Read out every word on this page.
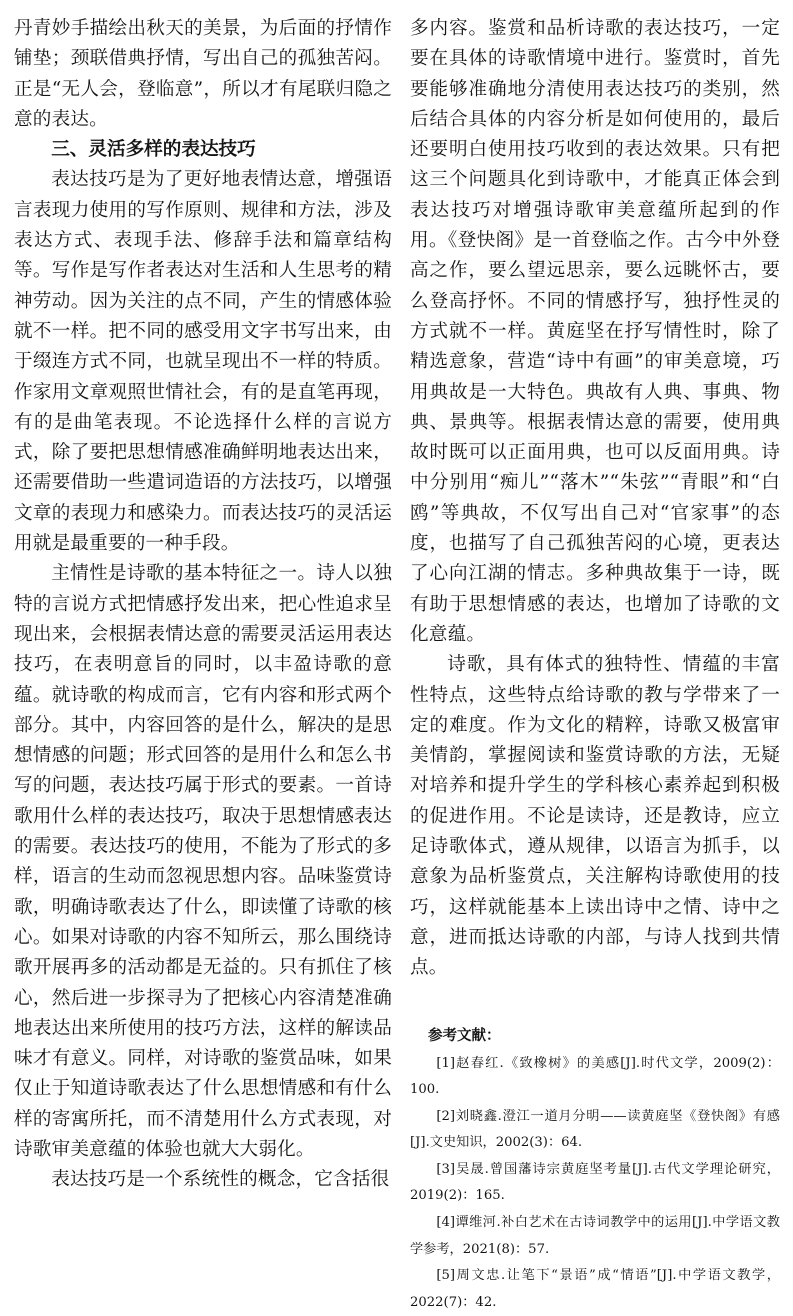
丹青妙手描绘出秋天的美景，为后面的抒情作铺垫；颈联借典抒情，写出自己的孤独苦闷。正是“无人会，登临意”，所以才有尾联归隐之意的表达。

三、灵活多样的表达技巧

表达技巧是为了更好地表情达意，增强语言表现力使用的写作原则、规律和方法，涉及表达方式、表现手法、修辞手法和篇章结构等。写作是写作者表达对生活和人生思考的精神劳动。因为关注的点不同，产生的情感体验就不一样。把不同的感受用文字书写出来，由于缀连方式不同，也就呈现出不一样的特质。作家用文章观照世情社会，有的是直笔再现，有的是曲笔表现。不论选择什么样的言说方式，除了要把思想情感准确鲜明地表达出来，还需要借助一些遣词造语的方法技巧，以增强文章的表现力和感染力。而表达技巧的灵活运用就是最重要的一种手段。

主情性是诗歌的基本特征之一。诗人以独特的言说方式把情感抒发出来，把心性追求呈现出来，会根据表情达意的需要灵活运用表达技巧，在表明意旨的同时，以丰盈诗歌的意蕴。就诗歌的构成而言，它有内容和形式两个部分。其中，内容回答的是什么，解决的是思想情感的问题；形式回答的是用什么和怎么书写的问题，表达技巧属于形式的要素。一首诗歌用什么样的表达技巧，取决于思想情感表达的需要。表达技巧的使用，不能为了形式的多样，语言的生动而忽视思想内容。品味鉴赏诗歌，明确诗歌表达了什么，即读懂了诗歌的核心。如果对诗歌的内容不知所云，那么围绕诗歌开展再多的活动都是无益的。只有抓住了核心，然后进一步探寻为了把核心内容清楚准确地表达出来所使用的技巧方法，这样的解读品味才有意义。同样，对诗歌的鉴赏品味，如果仅止于知道诗歌表达了什么思想情感和有什么样的寄寓所托，而不清楚用什么方式表现，对诗歌审美意蕴的体验也就大大弱化。

表达技巧是一个系统性的概念，它含括很

多内容。鉴赏和品析诗歌的表达技巧，一定要在具体的诗歌情境中进行。鉴赏时，首先要能够准确地分清使用表达技巧的类别，然后结合具体的内容分析是如何使用的，最后还要明白使用技巧收到的表达效果。只有把这三个问题具化到诗歌中，才能真正体会到表达技巧对增强诗歌审美意蕴所起到的作用。《登快阁》是一首登临之作。古今中外登高之作，要么望远思亲，要么远眺怀古，要么登高抒怀。不同的情感抒写，独抒性灵的方式就不一样。黄庭坚在抒写情性时，除了精选意象，营造“诗中有画”的审美意境，巧用典故是一大特色。典故有人典、事典、物典、景典等。根据表情达意的需要，使用典故时既可以正面用典，也可以反面用典。诗中分别用“痴儿”“落木”“朱弦”“青眼”和“白鸥”等典故，不仅写出自己对“官家事”的态度，也描写了自己孤独苦闷的心境，更表达了心向江湖的情志。多种典故集于一诗，既有助于思想情感的表达，也增加了诗歌的文化意蕴。

诗歌，具有体式的独特性、情蕴的丰富性特点，这些特点给诗歌的教与学带来了一定的难度。作为文化的精粹，诗歌又极富审美情韵，掌握阅读和鉴赏诗歌的方法，无疑对培养和提升学生的学科核心素养起到积极的促进作用。不论是读诗，还是教诗，应立足诗歌体式，遵从规律，以语言为抓手，以意象为品析鉴赏点，关注解构诗歌使用的技巧，这样就能基本上读出诗中之情、诗中之意，进而抵达诗歌的内部，与诗人找到共情点。

参考文献：

[1]赵春红.《致橡树》的美感[J].时代文学，2009(2)：100.

[2]刘晓鑫.澄江一道月分明——读黄庭坚《登快阁》有感[J].文史知识，2002(3)：64.

[3]吴晟.曾国藩诗宗黄庭坚考量[J].古代文学理论研究，2019(2)：165.

[4]谭维河.补白艺术在古诗词教学中的运用[J].中学语文教学参考，2021(8)：57.

[5]周文忠.让笔下“景语”成“情语”[J].中学语文教学，2022(7)：42.
